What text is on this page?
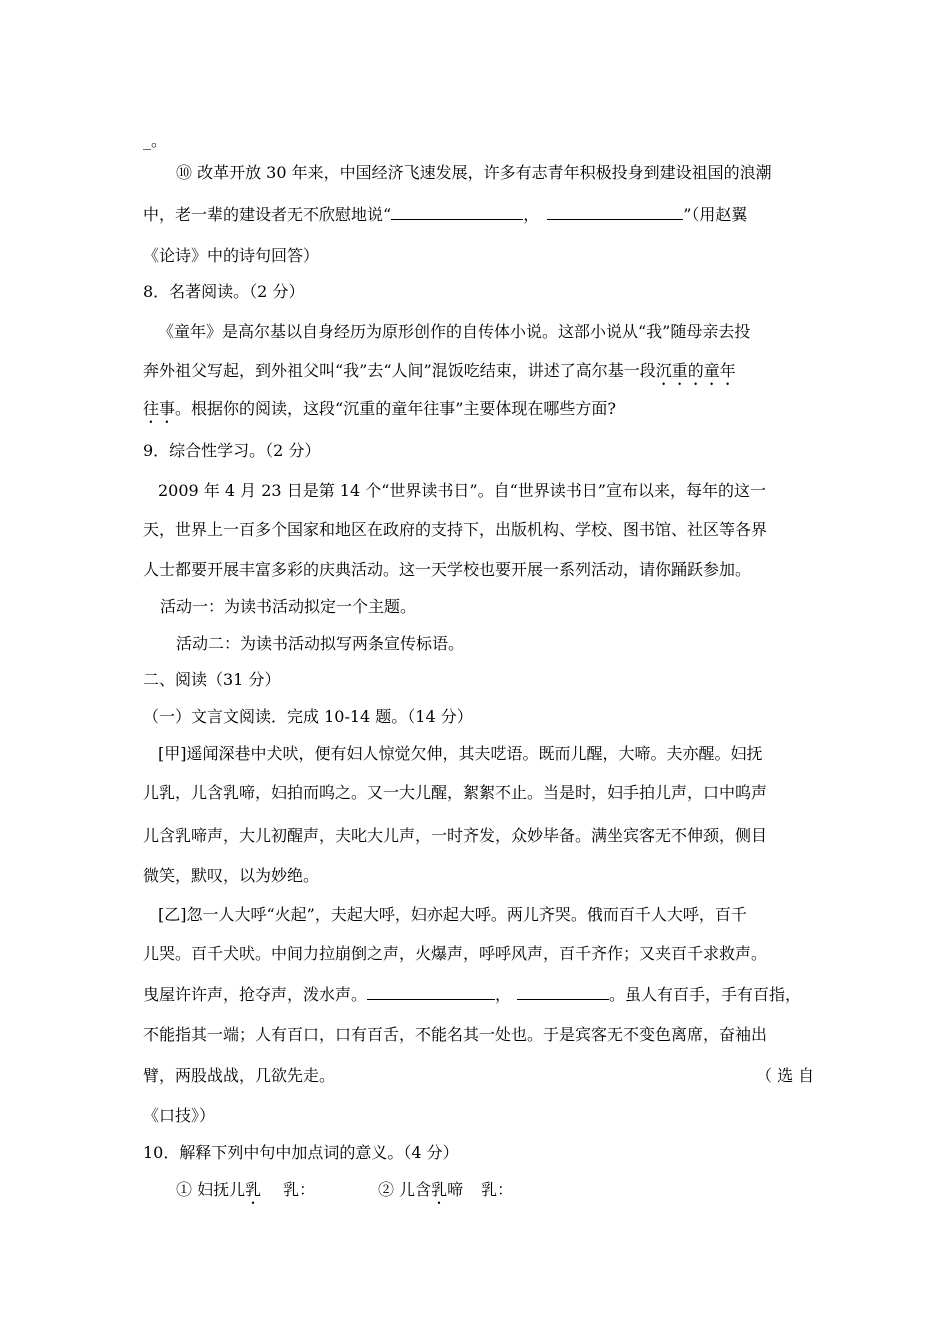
_。
⑩ 改革开放 30 年来，中国经济飞速发展，许多有志青年积极投身到建设祖国的浪潮
中，老一辈的建设者无不欣慰地说“	，	”（用赵翼
《论诗》中的诗句回答）
8．名著阅读。（2 分）
《童年》是高尔基以自身经历为原形创作的自传体小说。这部小说从“我”随母亲去投
奔外祖父写起，到外祖父叫“我”去“人间”混饭吃结束，讲述了高尔基一段沉重的童年
往事。根据你的阅读，这段“沉重的童年往事”主要体现在哪些方面?
9．综合性学习。（2 分）
2009 年 4 月 23 日是第 14 个“世界读书日”。自“世界读书日”宣布以来，每年的这一
天，世界上一百多个国家和地区在政府的支持下，出版机构、学校、图书馆、社区等各界
人士都要开展丰富多彩的庆典活动。这一天学校也要开展一系列活动，请你踊跃参加。
活动一：为读书活动拟定一个主题。
活动二：为读书活动拟写两条宣传标语。
二、阅读（31 分）
（一）文言文阅读．完成 10-14 题。（14 分）
[甲]遥闻深巷中犬吠，便有妇人惊觉欠伸，其夫呓语。既而儿醒，大啼。夫亦醒。妇抚
儿乳，儿含乳啼，妇拍而呜之。又一大儿醒，絮絮不止。当是时，妇手拍儿声，口中呜声
儿含乳啼声，大儿初醒声，夫叱大儿声，一时齐发，众妙毕备。满坐宾客无不伸颈，侧目
微笑，默叹，以为妙绝。
[乙]忽一人大呼“火起”，夫起大呼，妇亦起大呼。两儿齐哭。俄而百千人大呼，百千
儿哭。百千犬吠。中间力拉崩倒之声，火爆声，呼呼风声，百千齐作；又夹百千求救声。
曳屋许许声，抢夺声，泼水声。	，	。虽人有百手，手有百指，
不能指其一端；人有百口，口有百舌，不能名其一处也。于是宾客无不变色离席，奋袖出
臂，两股战战，几欲先走。	（ 选 自
《口技》）
10．解释下列中句中加点词的意义。（4 分）
① 妇抚儿乳 乳：	② 儿含乳啼 乳：
